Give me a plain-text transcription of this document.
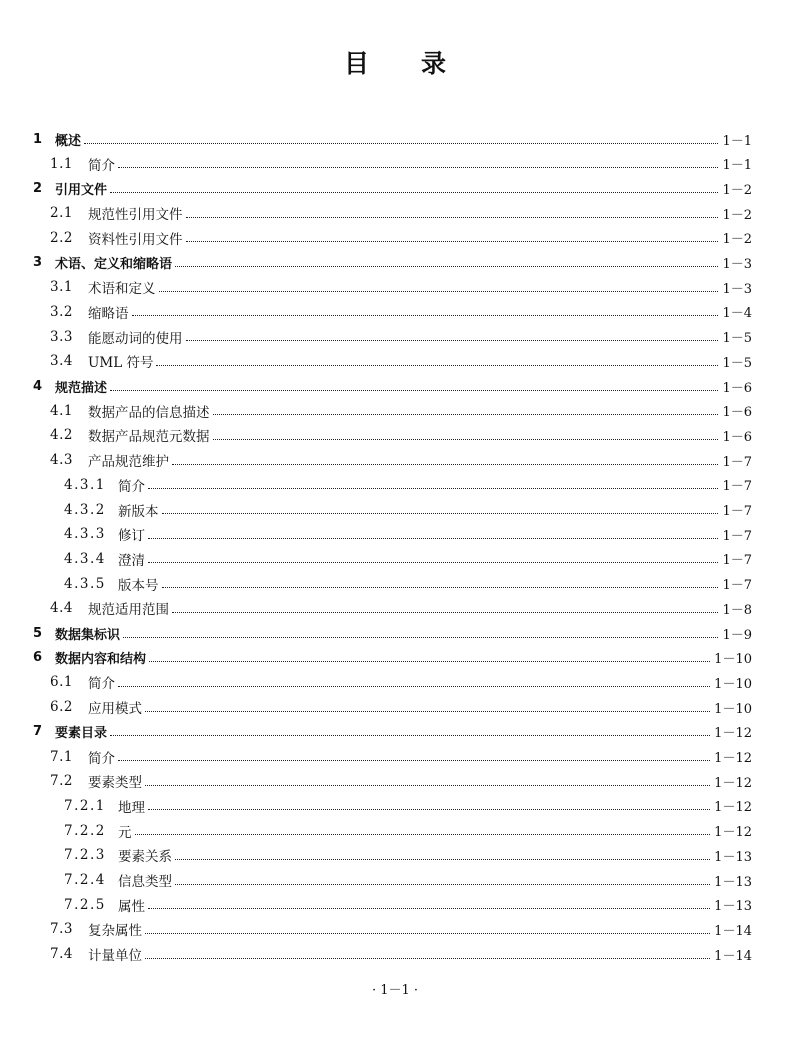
目 录
1 概述	1－1
1.1	简介	1－1
2 引用文件	1－2
2.1	规范性引用文件	1－2
2.2	资料性引用文件	1－2
3 术语、定义和缩略语	1－3
3.1	术语和定义	1－3
3.2	缩略语	1－4
3.3	能愿动词的使用	1－5
3.4	UML 符号	1－5
4 规范描述	1－6
4.1	数据产品的信息描述	1－6
4.2	数据产品规范元数据	1－6
4.3	产品规范维护	1－7
4.3.1 简介	1－7
4.3.2 新版本	1－7
4.3.3 修订	1－7
4.3.4 澄清	1－7
4.3.5 版本号	1－7
4.4	规范适用范围	1－8
5 数据集标识	1－9
6 数据内容和结构	1－10
6.1	简介	1－10
6.2	应用模式	1－10
7 要素目录	1－12
7.1	简介	1－12
7.2	要素类型	1－12
7.2.1 地理	1－12
7.2.2 元	1－12
7.2.3 要素关系	1－13
7.2.4 信息类型	1－13
7.2.5 属性	1－13
7.3	复杂属性	1－14
7.4	计量单位	1－14
· 1－1 ·
